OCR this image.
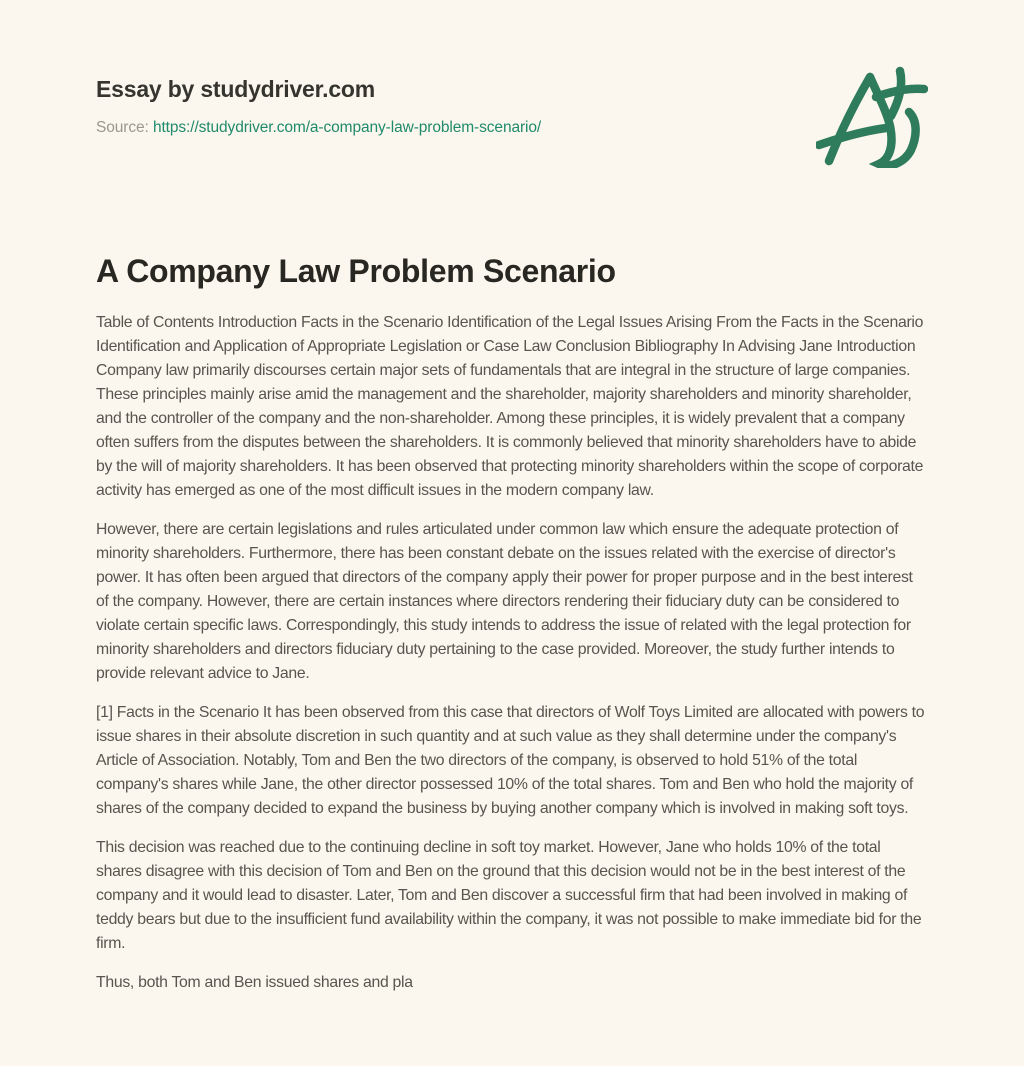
Essay by studydriver.com
Source: https://studydriver.com/a-company-law-problem-scenario/
A Company Law Problem Scenario

Table of Contents Introduction Facts in the Scenario Identification of the Legal Issues Arising From the Facts in the Scenario Identification and Application of Appropriate Legislation or Case Law Conclusion Bibliography In Advising Jane Introduction Company law primarily discourses certain major sets of fundamentals that are integral in the structure of large companies. These principles mainly arise amid the management and the shareholder, majority shareholders and minority shareholder, and the controller of the company and the non-shareholder. Among these principles, it is widely prevalent that a company often suffers from the disputes between the shareholders. It is commonly believed that minority shareholders have to abide by the will of majority shareholders. It has been observed that protecting minority shareholders within the scope of corporate activity has emerged as one of the most difficult issues in the modern company law.

However, there are certain legislations and rules articulated under common law which ensure the adequate protection of minority shareholders. Furthermore, there has been constant debate on the issues related with the exercise of director's power. It has often been argued that directors of the company apply their power for proper purpose and in the best interest of the company. However, there are certain instances where directors rendering their fiduciary duty can be considered to violate certain specific laws. Correspondingly, this study intends to address the issue of related with the legal protection for minority shareholders and directors fiduciary duty pertaining to the case provided. Moreover, the study further intends to provide relevant advice to Jane.

[1] Facts in the Scenario It has been observed from this case that directors of Wolf Toys Limited are allocated with powers to issue shares in their absolute discretion in such quantity and at such value as they shall determine under the company's Article of Association. Notably, Tom and Ben the two directors of the company, is observed to hold 51% of the total company's shares while Jane, the other director possessed 10% of the total shares. Tom and Ben who hold the majority of shares of the company decided to expand the business by buying another company which is involved in making soft toys.

This decision was reached due to the continuing decline in soft toy market. However, Jane who holds 10% of the total shares disagree with this decision of Tom and Ben on the ground that this decision would not be in the best interest of the company and it would lead to disaster. Later, Tom and Ben discover a successful firm that had been involved in making of teddy bears but due to the insufficient fund availability within the company, it was not possible to make immediate bid for the firm.

Thus, both Tom and Ben issued shares and pla
